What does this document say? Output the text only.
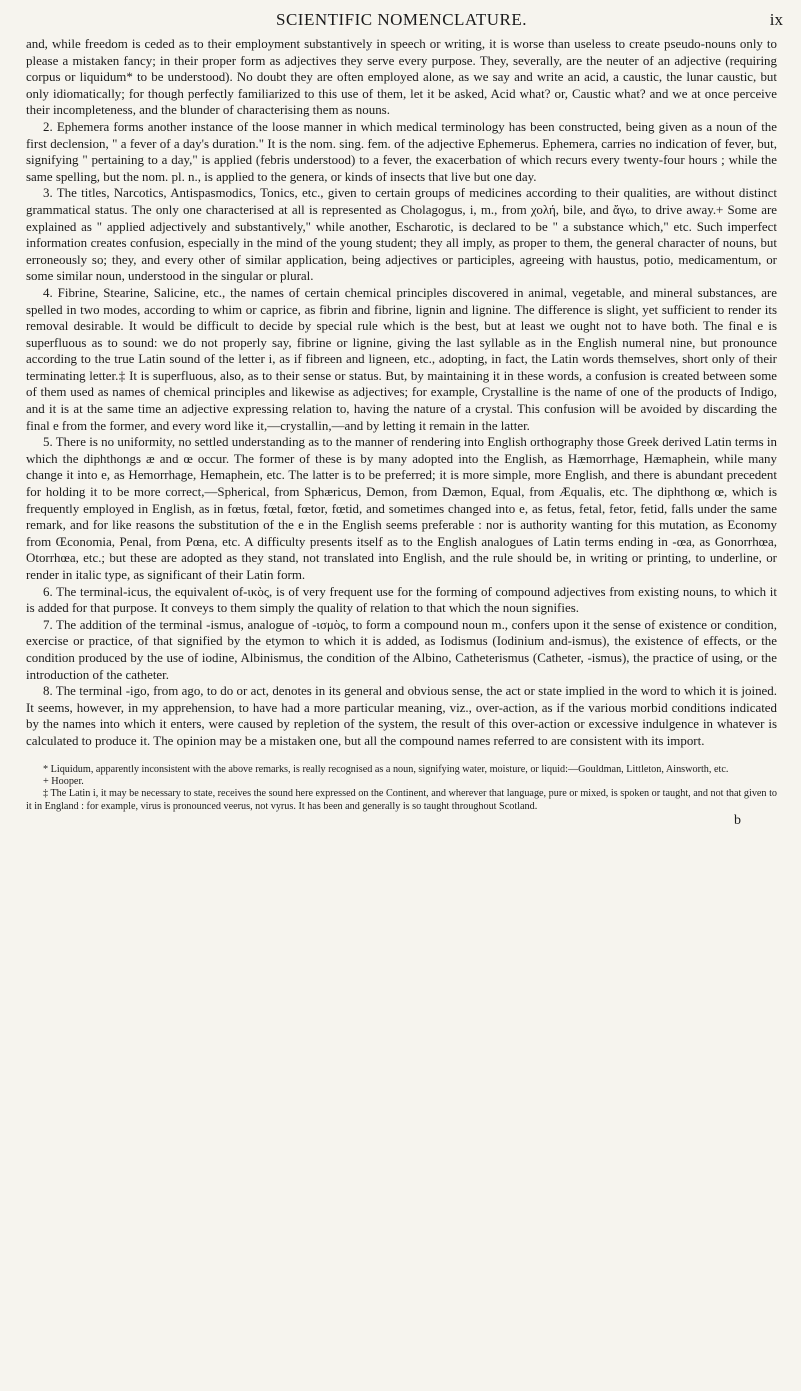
SCIENTIFIC NOMENCLATURE.	ix

and, while freedom is ceded as to their employment substantively in speech or writing, it is worse than useless to create pseudo-nouns only to please a mistaken fancy; in their proper form as adjectives they serve every purpose. They, severally, are the neuter of an adjective (requiring corpus or liquidum* to be understood). No doubt they are often employed alone, as we say and write an acid, a caustic, the lunar caustic, but only idiomatically; for though perfectly familiarized to this use of them, let it be asked, Acid what? or, Caustic what? and we at once perceive their incompleteness, and the blunder of characterising them as nouns.

2. Ephemera forms another instance of the loose manner in which medical terminology has been constructed, being given as a noun of the first declension, " a fever of a day's duration." It is the nom. sing. fem. of the adjective Ephemerus. Ephemera, carries no indication of fever, but, signifying " pertaining to a day," is applied (febris understood) to a fever, the exacerbation of which recurs every twenty-four hours ; while the same spelling, but the nom. pl. n., is applied to the genera, or kinds of insects that live but one day.

3. The titles, Narcotics, Antispasmodics, Tonics, etc., given to certain groups of medicines according to their qualities, are without distinct grammatical status. The only one characterised at all is represented as Cholagogus, i, m., from χολή, bile, and ἄγω, to drive away.+ Some are explained as " applied adjectively and substantively," while another, Escharotic, is declared to be " a substance which," etc. Such imperfect information creates confusion, especially in the mind of the young student; they all imply, as proper to them, the general character of nouns, but erroneously so; they, and every other of similar application, being adjectives or participles, agreeing with haustus, potio, medicamentum, or some similar noun, understood in the singular or plural.

4. Fibrine, Stearine, Salicine, etc., the names of certain chemical principles discovered in animal, vegetable, and mineral substances, are spelled in two modes, according to whim or caprice, as fibrin and fibrine, lignin and lignine. The difference is slight, yet sufficient to render its removal desirable. It would be difficult to decide by special rule which is the best, but at least we ought not to have both. The final e is superfluous as to sound: we do not properly say, fibrine or lignine, giving the last syllable as in the English numeral nine, but pronounce according to the true Latin sound of the letter i, as if fibreen and ligneen, etc., adopting, in fact, the Latin words themselves, short only of their terminating letter.‡ It is superfluous, also, as to their sense or status. But, by maintaining it in these words, a confusion is created between some of them used as names of chemical principles and likewise as adjectives; for example, Crystalline is the name of one of the products of Indigo, and it is at the same time an adjective expressing relation to, having the nature of a crystal. This confusion will be avoided by discarding the final e from the former, and every word like it,—crystallin,—and by letting it remain in the latter.

5. There is no uniformity, no settled understanding as to the manner of rendering into English orthography those Greek derived Latin terms in which the diphthongs æ and œ occur. The former of these is by many adopted into the English, as Hæmorrhage, Hæmaphein, while many change it into e, as Hemorrhage, Hemaphein, etc. The latter is to be preferred; it is more simple, more English, and there is abundant precedent for holding it to be more correct,—Spherical, from Sphæricus, Demon, from Dæmon, Equal, from Æqualis, etc. The diphthong œ, which is frequently employed in English, as in fœtus, fœtal, fœtor, fœtid, and sometimes changed into e, as fetus, fetal, fetor, fetid, falls under the same remark, and for like reasons the substitution of the e in the English seems preferable : nor is authority wanting for this mutation, as Economy from Œconomia, Penal, from Pœna, etc. A difficulty presents itself as to the English analogues of Latin terms ending in -œa, as Gonorrhœa, Otorrhœa, etc.; but these are adopted as they stand, not translated into English, and the rule should be, in writing or printing, to underline, or render in italic type, as significant of their Latin form.

6. The terminal-icus, the equivalent of-ικὸς, is of very frequent use for the forming of compound adjectives from existing nouns, to which it is added for that purpose. It conveys to them simply the quality of relation to that which the noun signifies.

7. The addition of the terminal -ismus, analogue of -ισμὸς, to form a compound noun m., confers upon it the sense of existence or condition, exercise or practice, of that signified by the etymon to which it is added, as Iodismus (Iodinium and-ismus), the existence of effects, or the condition produced by the use of iodine, Albinismus, the condition of the Albino, Catheterismus (Catheter, -ismus), the practice of using, or the introduction of the catheter.

8. The terminal -igo, from ago, to do or act, denotes in its general and obvious sense, the act or state implied in the word to which it is joined. It seems, however, in my apprehension, to have had a more particular meaning, viz., over-action, as if the various morbid conditions indicated by the names into which it enters, were caused by repletion of the system, the result of this over-action or excessive indulgence in whatever is calculated to produce it. The opinion may be a mistaken one, but all the compound names referred to are consistent with its import.

* Liquidum, apparently inconsistent with the above remarks, is really recognised as a noun, signifying water, moisture, or liquid:—Gouldman, Littleton, Ainsworth, etc.

+ Hooper.

‡ The Latin i, it may be necessary to state, receives the sound here expressed on the Continent, and wherever that language, pure or mixed, is spoken or taught, and not that given to it in England : for example, virus is pronounced veerus, not vyrus. It has been and generally is so taught throughout Scotland.

b
